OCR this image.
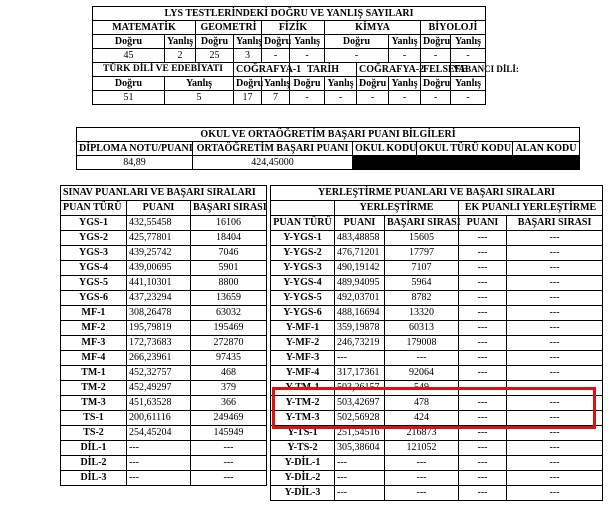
LYS TESTLERİNDEKİ DOĞRU VE YANLIŞ SAYILARI										
MATEMATİK		GEOMETRİ		FİZİK		KİMYA			BİYOLOJİ	
Doğru	Yanlış	Doğru	Yanlış	Doğru	Yanlış	Doğru		Yanlış	Doğru	Yanlış
45	2	25	3	-	-	-		-	-	-
TÜRK DİLİ VE EDEBİYATI			COĞRAFYA-1		TARİH		COĞRAFYA-2		FELSEFE	YABANCI DİLİ:
Doğru	Yanlış		Doğru	Yanlış	Doğru	Yanlış	Doğru	Yanlış	Doğru	Yanlış
51	5		17	7	-	-	-	-	-	-
OKUL VE ORTAÖĞRETİM BAŞARI PUANI BİLGİLERİ				
DİPLOMA NOTU/PUANI	ORTAÖĞRETİM BAŞARI PUANI	OKUL KODU	OKUL TÜRÜ KODU	ALAN KODU
84,89	424,45000			
SINAV PUANLARI VE BAŞARI SIRALARI		
PUAN TÜRÜ	PUANI	BAŞARI SIRASI
YGS-1	432,55458	16106
YGS-2	425,77801	18404
YGS-3	439,25742	7046
YGS-4	439,00695	5901
YGS-5	441,10301	8800
YGS-6	437,23294	13659
MF-1	308,26478	63032
MF-2	195,79819	195469
MF-3	172,73683	272870
MF-4	266,23961	97435
TM-1	452,32757	468
TM-2	452,49297	379
TM-3	451,63528	366
TS-1	200,61116	249469
TS-2	254,45204	145949
DİL-1	---	---
DİL-2	---	---
DİL-3	---	---
YERLEŞTİRME PUANLARI VE BAŞARI SIRALARI				
	YERLEŞTİRME		EK PUANLI YERLEŞTİRME	
PUAN TÜRÜ	PUANI	BAŞARI SIRASI	PUANI	BAŞARI SIRASI
Y-YGS-1	483,48858	15605	---	---
Y-YGS-2	476,71201	17797	---	---
Y-YGS-3	490,19142	7107	---	---
Y-YGS-4	489,94095	5964	---	---
Y-YGS-5	492,03701	8782	---	---
Y-YGS-6	488,16694	13320	---	---
Y-MF-1	359,19878	60313	---	---
Y-MF-2	246,73219	179008	---	---
Y-MF-3	---	---	---	---
Y-MF-4	317,17361	92064	---	---
Y-TM-1	503,26157	549	---	---
Y-TM-2	503,42697	478	---	---
Y-TM-3	502,56928	424	---	---
Y-TS-1	251,54516	216873	---	---
Y-TS-2	305,38604	121052	---	---
Y-DİL-1	---	---	---	---
Y-DİL-2	---	---	---	---
Y-DİL-3	---	---	---	---
